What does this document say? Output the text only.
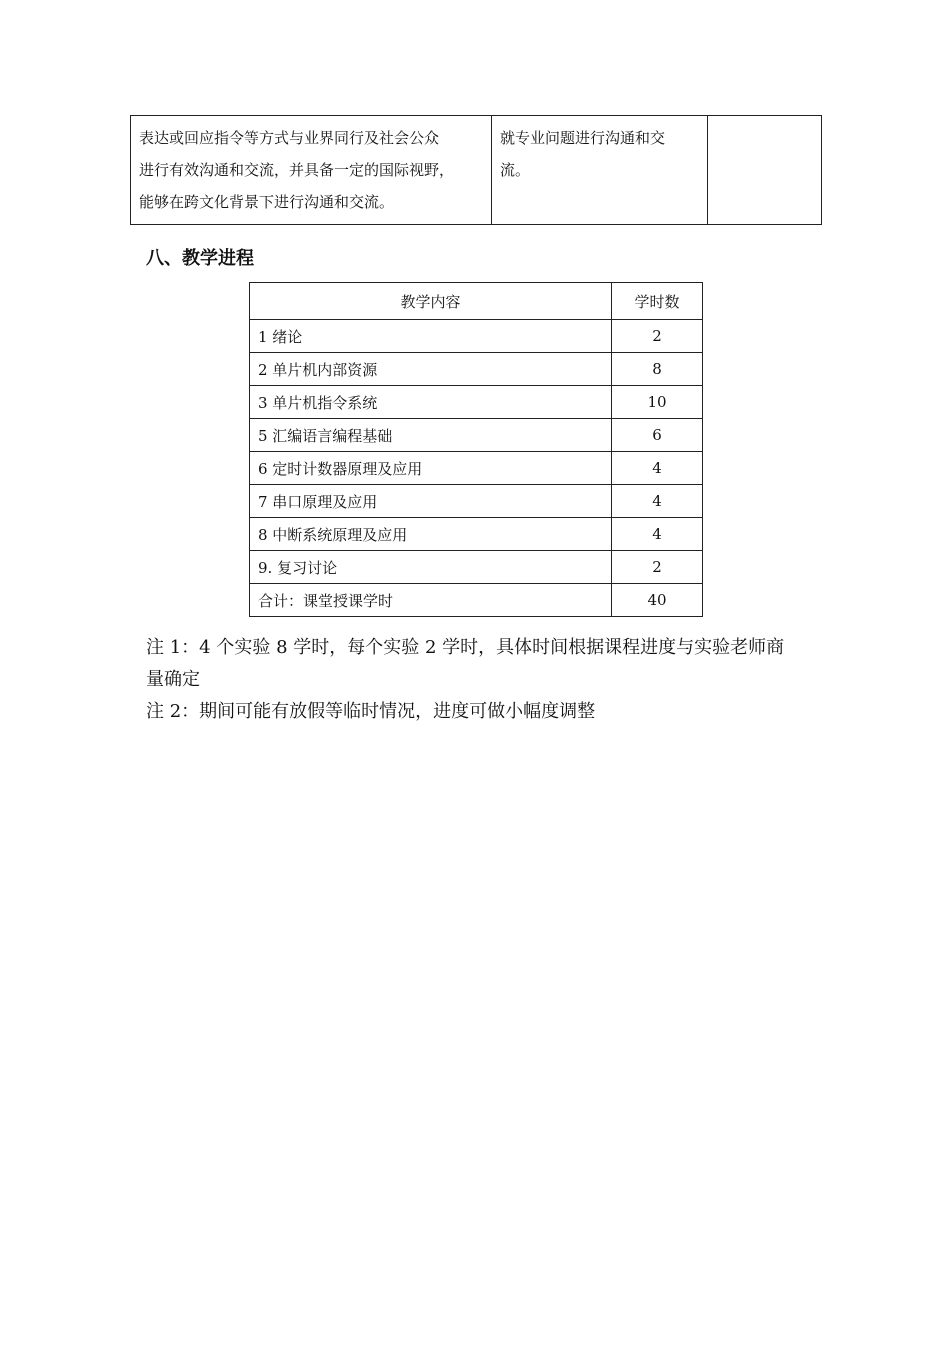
表达或回应指令等方式与业界同行及社会公众
进行有效沟通和交流，并具备一定的国际视野，
能够在跨文化背景下进行沟通和交流。

就专业问题进行沟通和交
流。

八、教学进程
教学内容	学时数
1 绪论	2
2 单片机内部资源	8
3 单片机指令系统	10
5 汇编语言编程基础	6
6 定时计数器原理及应用	4
7 串口原理及应用	4
8 中断系统原理及应用	4
9. 复习讨论	2
合计：课堂授课学时	40

注 1：4 个实验 8 学时，每个实验 2 学时，具体时间根据课程进度与实验老师商

量确定

注 2：期间可能有放假等临时情况，进度可做小幅度调整
